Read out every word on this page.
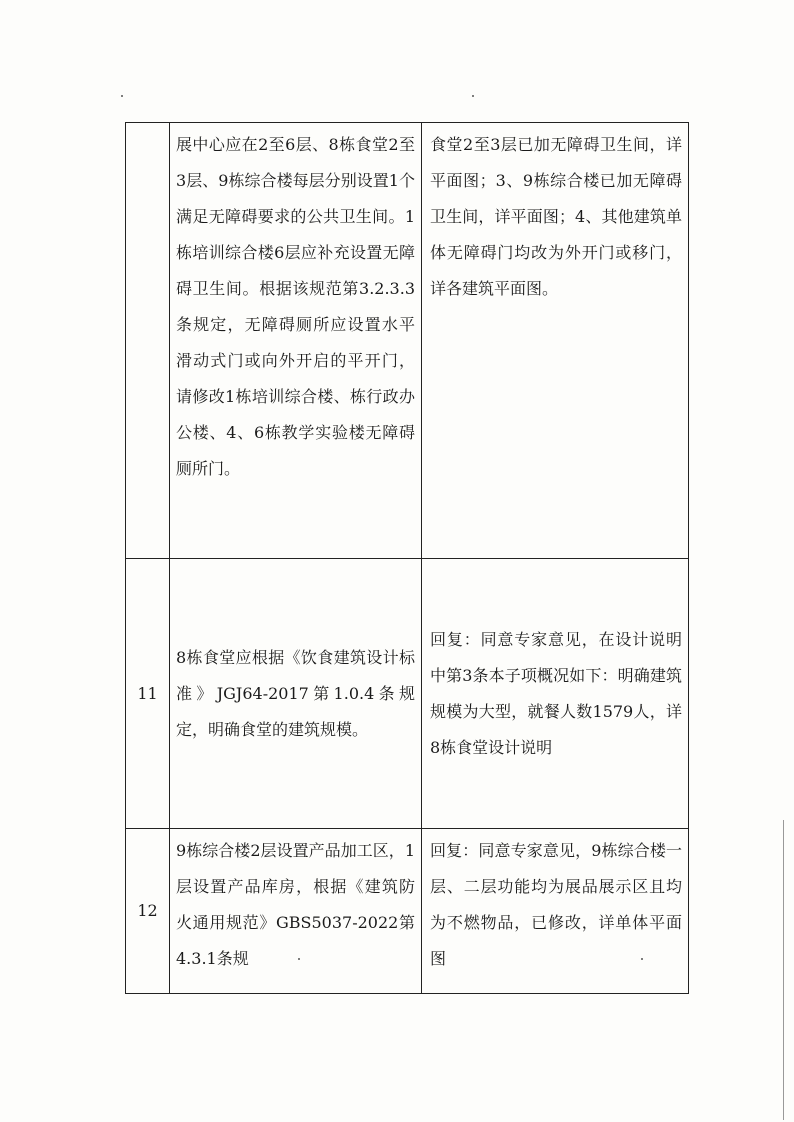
	展中心应在2至6层、8栋食堂2至3层、9栋综合楼每层分别设置1个满足无障碍要求的公共卫生间。1栋培训综合楼6层应补充设置无障碍卫生间。根据该规范第3.2.3.3条规定，无障碍厕所应设置水平滑动式门或向外开启的平开门，请修改1栋培训综合楼、栋行政办公楼、4、6栋教学实验楼无障碍厕所门。	食堂2至3层已加无障碍卫生间，详平面图；3、9栋综合楼已加无障碍卫生间，详平面图；4、其他建筑单体无障碍门均改为外开门或移门，详各建筑平面图。

11	8栋食堂应根据《饮食建筑设计标准》JGJ64-2017第1.0.4条规定，明确食堂的建筑规模。	回复：同意专家意见，在设计说明中第3条本子项概况如下：明确建筑规模为大型，就餐人数1579人，详8栋食堂设计说明

12	9栋综合楼2层设置产品加工区，1层设置产品库房，根据《建筑防火通用规范》GBS5037-2022第4.3.1条规	回复：同意专家意见，9栋综合楼一层、二层功能均为展品展示区且均为不燃物品，已修改，详单体平面图
